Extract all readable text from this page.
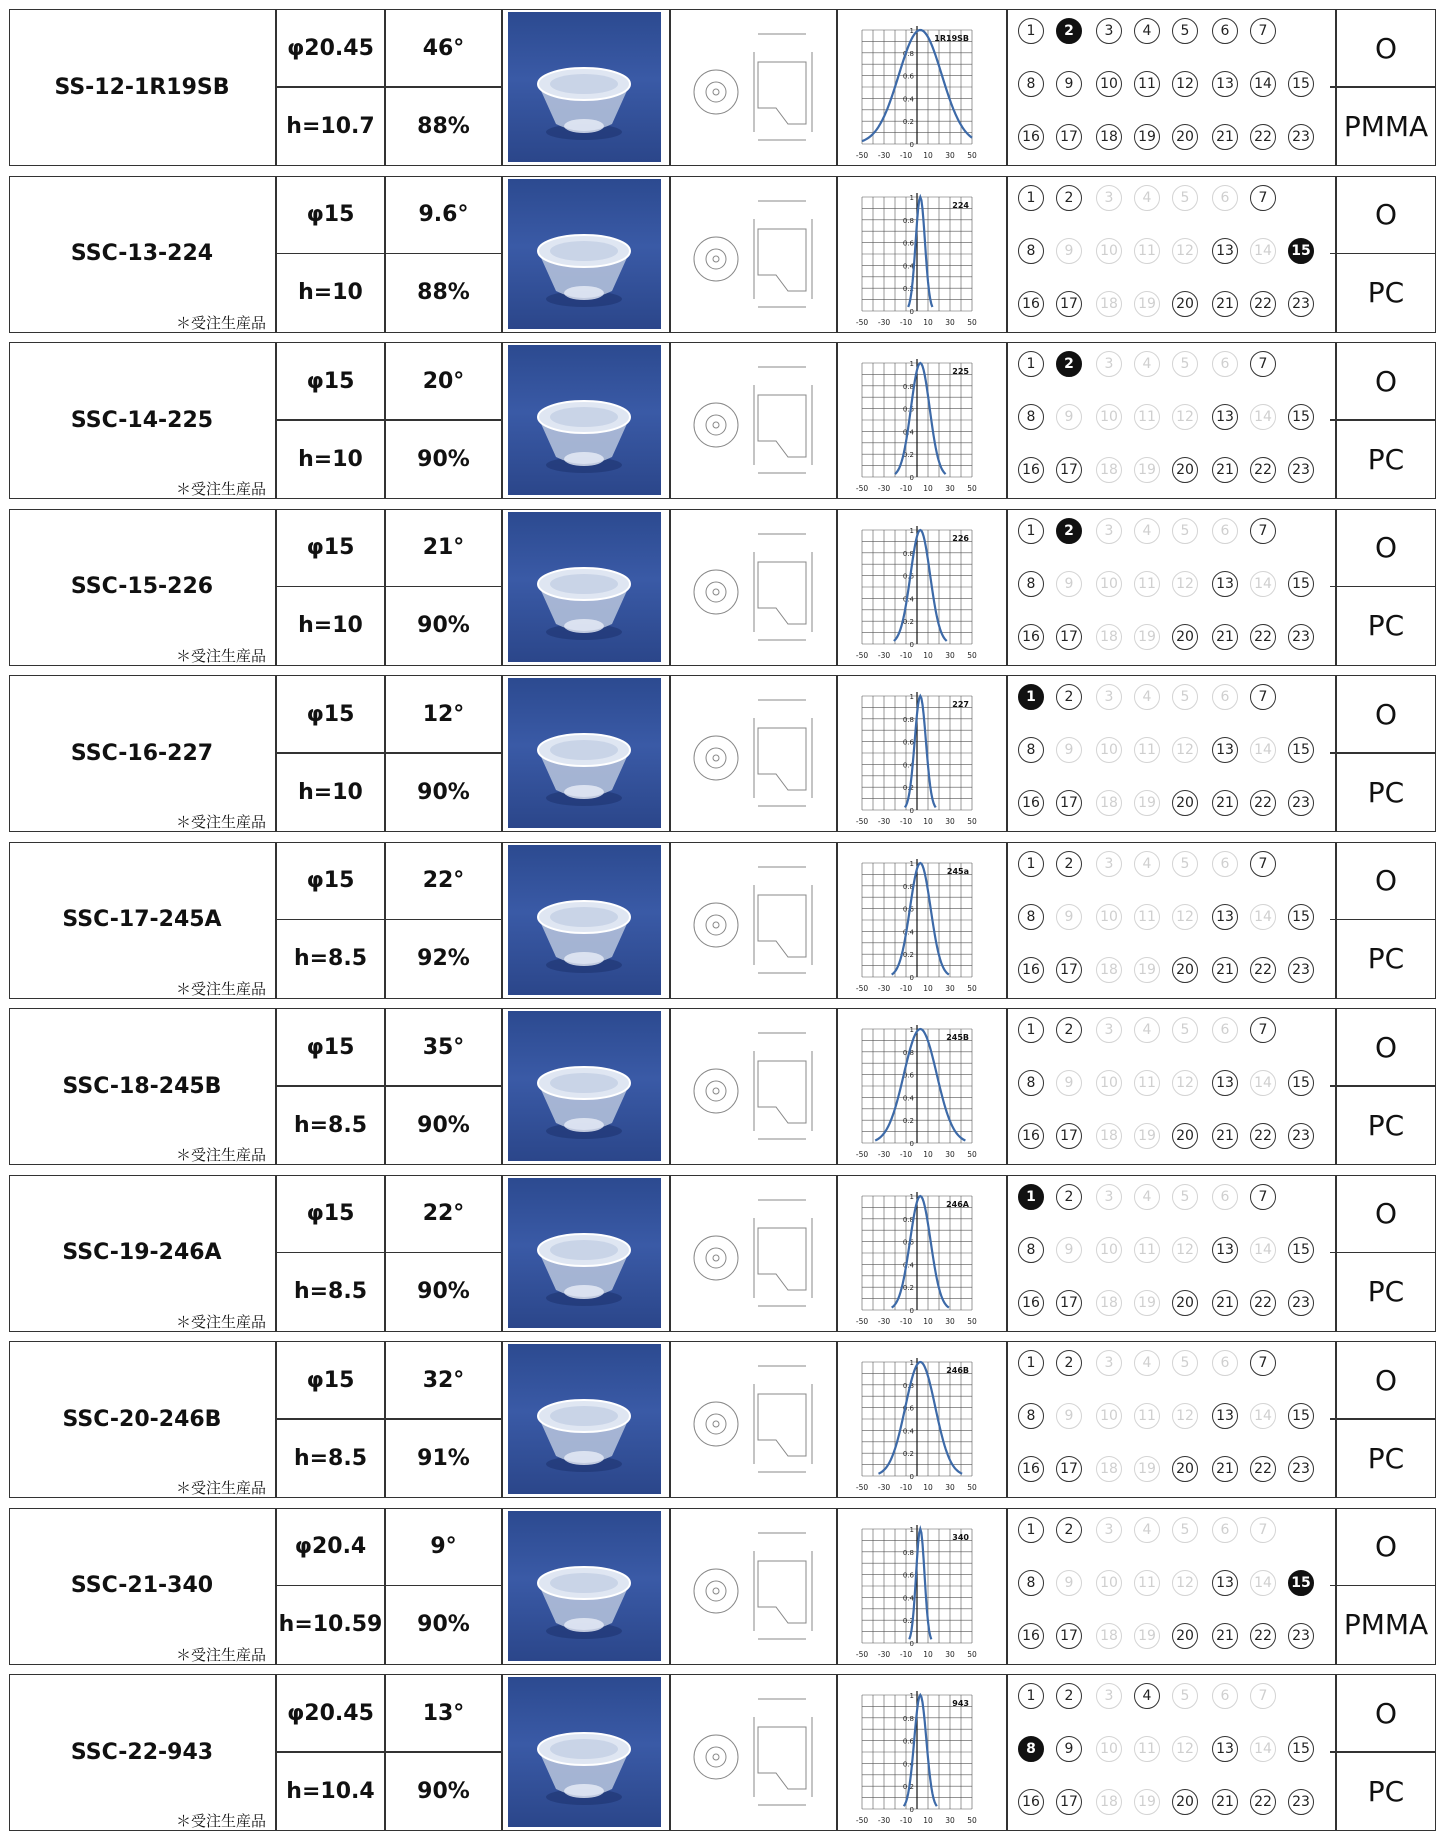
SS-12-1R19SB
φ20.45	46°
h=10.7	88%
1
0.8
0.6
0.4
0.2
0
-50 -30 -10 10 30 50
1R19SB	1	2	3	4	5	6	7
8	9	10 11 12 13 14 15
16 17 18 19 20 21 22 23
O
PMMA
SSC-13-224
＊受注生産品
φ15	9.6°
h=10	88%
1
0.8
0.6
0.4
0.2
0
-50 -30 -10 10 30 50
224	1	2	3	4	5	6	7
8	9	10 11 12 13 14 15
16 17 18 19 20 21 22 23
O
PC
SSC-14-225
＊受注生産品
φ15	20°
h=10	90%
1
0.8
0.6
0.4
0.2
0
-50 -30 -10 10 30 50
225	1	2	3	4	5	6	7
8	9	10 11 12 13 14 15
16 17 18 19 20 21 22 23
O
PC
SSC-15-226
＊受注生産品
φ15	21°
h=10	90%
1
0.8
0.6
0.4
0.2
0
-50 -30 -10 10 30 50
226	1	2	3	4	5	6	7
8	9	10 11 12 13 14 15
16 17 18 19 20 21 22 23
O
PC
SSC-16-227
＊受注生産品
φ15	12°
h=10	90%
1
0.8
0.6
0.4
0.2
0
-50 -30 -10 10 30 50
227	1	2	3	4	5	6	7
8	9	10 11 12 13 14 15
16 17 18 19 20 21 22 23
O
PC
SSC-17-245A
＊受注生産品
φ15	22°
h=8.5	92%
1
0.8
0.6
0.4
0.2
0
-50 -30 -10 10 30 50
245a	1	2	3	4	5	6	7
8	9	10 11 12 13 14 15
16 17 18 19 20 21 22 23
O
PC
SSC-18-245B
＊受注生産品
φ15	35°
h=8.5	90%
1
0.8
0.6
0.4
0.2
0
-50 -30 -10 10 30 50
245B	1	2	3	4	5	6	7
8	9	10 11 12 13 14 15
16 17 18 19 20 21 22 23
O
PC
SSC-19-246A
＊受注生産品
φ15	22°
h=8.5	90%
1
0.8
0.6
0.4
0.2
0
-50 -30 -10 10 30 50
246A	1	2	3	4	5	6	7
8	9	10 11 12 13 14 15
16 17 18 19 20 21 22 23
O
PC
SSC-20-246B
＊受注生産品
φ15	32°
h=8.5	91%
1
0.8
0.6
0.4
0.2
0
-50 -30 -10 10 30 50
246B	1	2	3	4	5	6	7
8	9	10 11 12 13 14 15
16 17 18 19 20 21 22 23
O
PC
SSC-21-340
＊受注生産品
φ20.4	9°
h=10.59	90%
1
0.8
0.6
0.4
0.2
0
-50 -30 -10 10 30 50
340	1	2	3	4	5	6	7
8	9	10 11 12 13 14 15
16 17 18 19 20 21 22 23
O
PMMA
SSC-22-943
＊受注生産品
φ20.45	13°
h=10.4	90%
1
0.8
0.6
0.4
0.2
0
-50 -30 -10 10 30 50
943	1	2	3	4	5	6	7
8	9	10 11 12 13 14 15
16 17 18 19 20 21 22 23
O
PC
